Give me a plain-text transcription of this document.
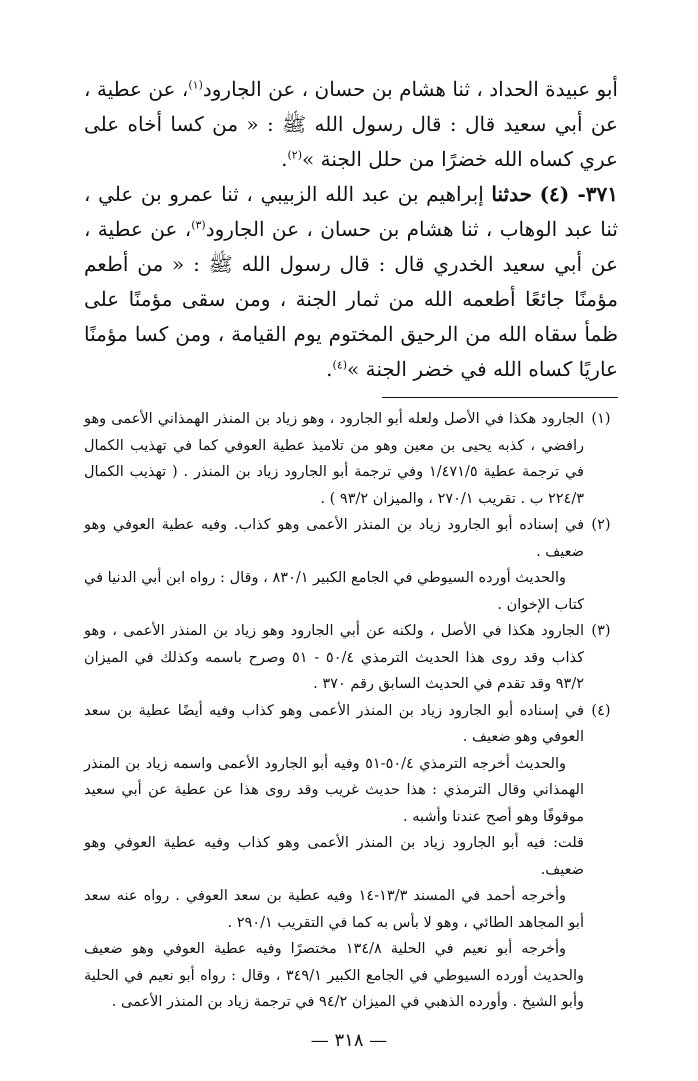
أبو عبيدة الحداد ، ثنا هشام بن حسان ، عن الجارود$^{(١)}$، عن عطية ، عن أبي سعيد قال : قال رسول الله ﷺ : « من كسا أخاه على عري كساه الله خضرًا من حلل الجنة »$^{(٢)}$.

٣٧١- (٤) حدثنا إبراهيم بن عبد الله الزبيبي ، ثنا عمرو بن علي ، ثنا عبد الوهاب ، ثنا هشام بن حسان ، عن الجارود$^{(٣)}$، عن عطية ، عن أبي سعيد الخدري قال : قال رسول الله ﷺ : « من أطعم مؤمنًا جائعًا أطعمه الله من ثمار الجنة ، ومن سقى مؤمنًا على ظمأ سقاه الله من الرحيق المختوم يوم القيامة ، ومن كسا مؤمنًا عاريًا كساه الله في خضر الجنة »$^{(٤)}$.

(١)

الجارود هكذا في الأصل ولعله أبو الجارود ، وهو زياد بن المنذر الهمذاني الأعمى وهو رافضي ، كذبه يحيى بن معين وهو من تلاميذ عطية العوفي كما في تهذيب الكمال في ترجمة عطية ١/٤٧١/٥ وفي ترجمة أبو الجارود زياد بن المنذر . ( تهذيب الكمال ٢٢٤/٣ ب . تقريب ٢٧٠/١ ، والميزان ٩٣/٢ ) .

(٢)

في إسناده أبو الجارود زياد بن المنذر الأعمى وهو كذاب. وفيه عطية العوفي وهو ضعيف .

والحديث أورده السيوطي في الجامع الكبير ٨٣٠/١ ، وقال : رواه ابن أبي الدنيا في كتاب الإخوان .

(٣)

الجارود هكذا في الأصل ، ولكنه عن أبي الجارود وهو زياد بن المنذر الأعمى ، وهو كذاب وقد روى هذا الحديث الترمذي ٥٠/٤ - ٥١ وصرح باسمه وكذلك في الميزان ٩٣/٢ وقد تقدم في الحديث السابق رقم ٣٧٠ .

(٤)

في إسناده أبو الجارود زياد بن المنذر الأعمى وهو كذاب وفيه أيضًا عطية بن سعد العوفي وهو ضعيف .

والحديث أخرجه الترمذي ٥٠/٤-٥١ وفيه أبو الجارود الأعمى واسمه زياد بن المنذر الهمذاني وقال الترمذي : هذا حديث غريب وقد روى هذا عن عطية عن أبي سعيد موقوفًا وهو أصح عندنا وأشبه .

قلت: فيه أبو الجارود زياد بن المنذر الأعمى وهو كذاب وفيه عطية العوفي وهو ضعيف.

وأخرجه أحمد في المسند ١٣/٣-١٤ وفيه عطية بن سعد العوفي . رواه عنه سعد أبو المجاهد الطائي ، وهو لا بأس به كما في التقريب ٢٩٠/١ .

وأخرجه أبو نعيم في الحلية ١٣٤/٨ مختصرًا وفيه عطية العوفي وهو ضعيف والحديث أورده السيوطي في الجامع الكبير ٣٤٩/١ ، وقال : رواه أبو نعيم في الحلية وأبو الشيخ . وأورده الذهبي في الميزان ٩٤/٢ في ترجمة زياد بن المنذر الأعمى .

— ٣١٨ —
